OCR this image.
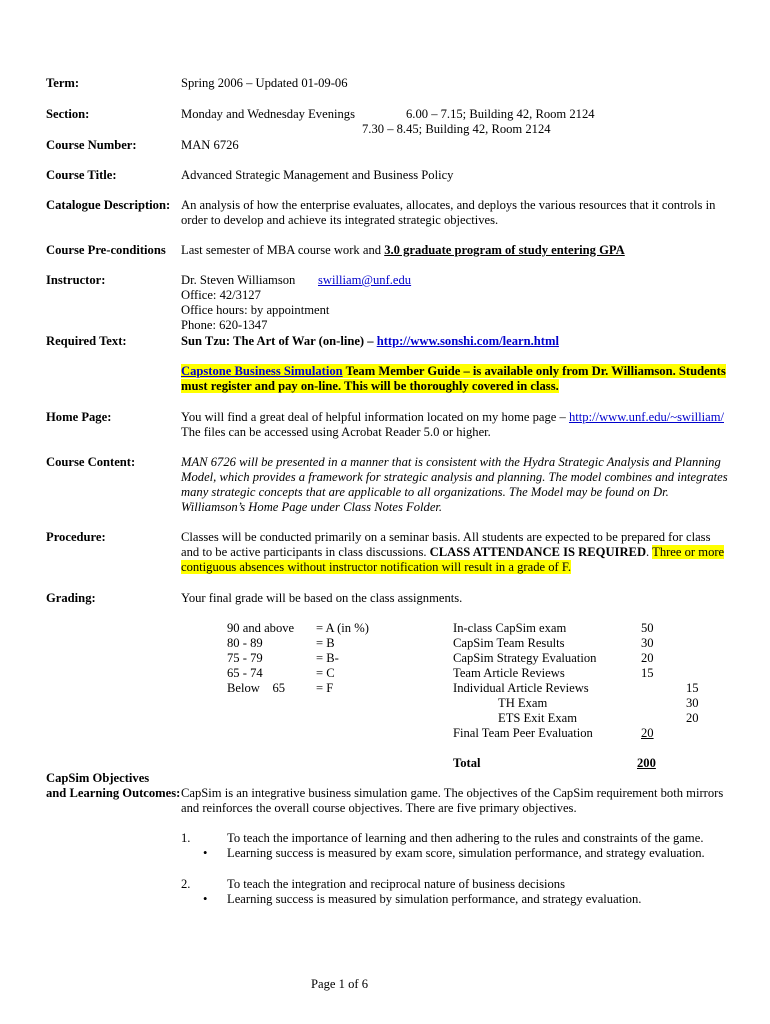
Term:	Spring 2006 – Updated 01-09-06
Section:	Monday and Wednesday Evenings	6.00 – 7.15; Building 42, Room 2124
7.30 – 8.45; Building 42, Room 2124
Course Number:	MAN 6726
Course Title:	Advanced Strategic Management and Business Policy
Catalogue Description: An analysis of how the enterprise evaluates, allocates, and deploys the various resources that it controls in order to develop and achieve its integrated strategic objectives.
Course Pre-conditions Last semester of MBA course work and 3.0 graduate program of study entering GPA
Instructor:	Dr. Steven Williamson swilliam@unf.edu
Office: 42/3127
Office hours: by appointment
Phone: 620-1347
Required Text:	Sun Tzu: The Art of War (on-line) – http://www.sonshi.com/learn.html
Capstone Business Simulation Team Member Guide – is available only from Dr. Williamson. Students
must register and pay on-line. This will be thoroughly covered in class.
Home Page:	You will find a great deal of helpful information located on my home page – http://www.unf.edu/~swilliam/
The files can be accessed using Acrobat Reader 5.0 or higher.
Course Content:	MAN 6726 will be presented in a manner that is consistent with the Hydra Strategic Analysis and Planning Model, which provides a framework for strategic analysis and planning. The model combines and integrates many strategic concepts that are applicable to all organizations. The Model may be found on Dr. Williamson’s Home Page under Class Notes Folder.
Procedure:	Classes will be conducted primarily on a seminar basis. All students are expected to be prepared for class and to be active participants in class discussions. CLASS ATTENDANCE IS REQUIRED. Three or more contiguous absences without instructor notification will result in a grade of F.
Grading:	Your final grade will be based on the class assignments.
90 and above = A (in %)
80 - 89	= B
75 - 79	= B-
65 - 74	= C
Below    65 = F
In-class CapSim exam	50
CapSim Team Results	30
CapSim Strategy Evaluation	20
Team Article Reviews	15
Individual Article Reviews	15
TH Exam	30
ETS Exit Exam	20
Final Team Peer Evaluation	20
Total	200
CapSim Objectives
and Learning Outcomes: CapSim is an integrative business simulation game. The objectives of the CapSim requirement both mirrors and reinforces the overall course objectives. There are five primary objectives.
1.	To teach the importance of learning and then adhering to the rules and constraints of the game.
• Learning success is measured by exam score, simulation performance, and strategy evaluation.
2.	To teach the integration and reciprocal nature of business decisions
• Learning success is measured by simulation performance, and strategy evaluation.
Page 1 of 6
